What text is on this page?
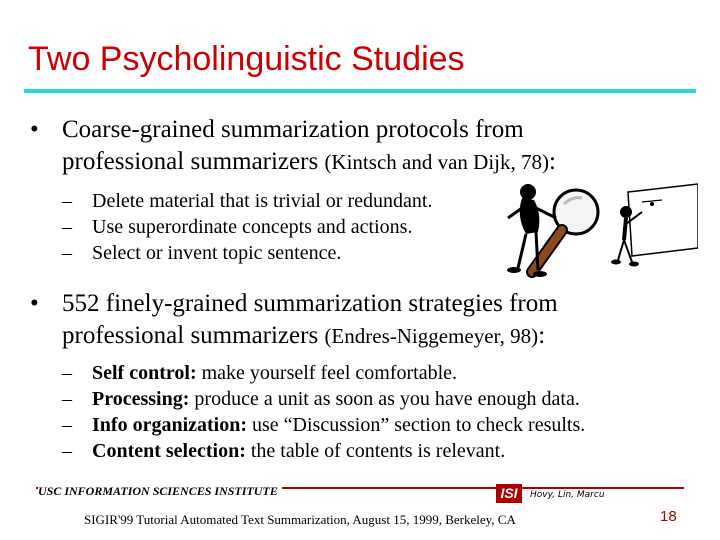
Two Psycholinguistic Studies
• Coarse-grained summarization protocols from
professional summarizers (Kintsch and van Dijk, 78):
– Delete material that is trivial or redundant.
– Use superordinate concepts and actions.
– Select or invent topic sentence.
• 552 finely-grained summarization strategies from
professional summarizers (Endres-Niggemeyer, 98):
– Self control: make yourself feel comfortable.
– Processing: produce a unit as soon as you have enough data.
– Info organization: use “Discussion” section to check results.
– Content selection: the table of contents is relevant.
USC INFORMATION SCIENCES INSTITUTE	ISI	Hovy, Lin, Marcu
SIGIR'99 Tutorial Automated Text Summarization, August 15, 1999, Berkeley, CA	18
